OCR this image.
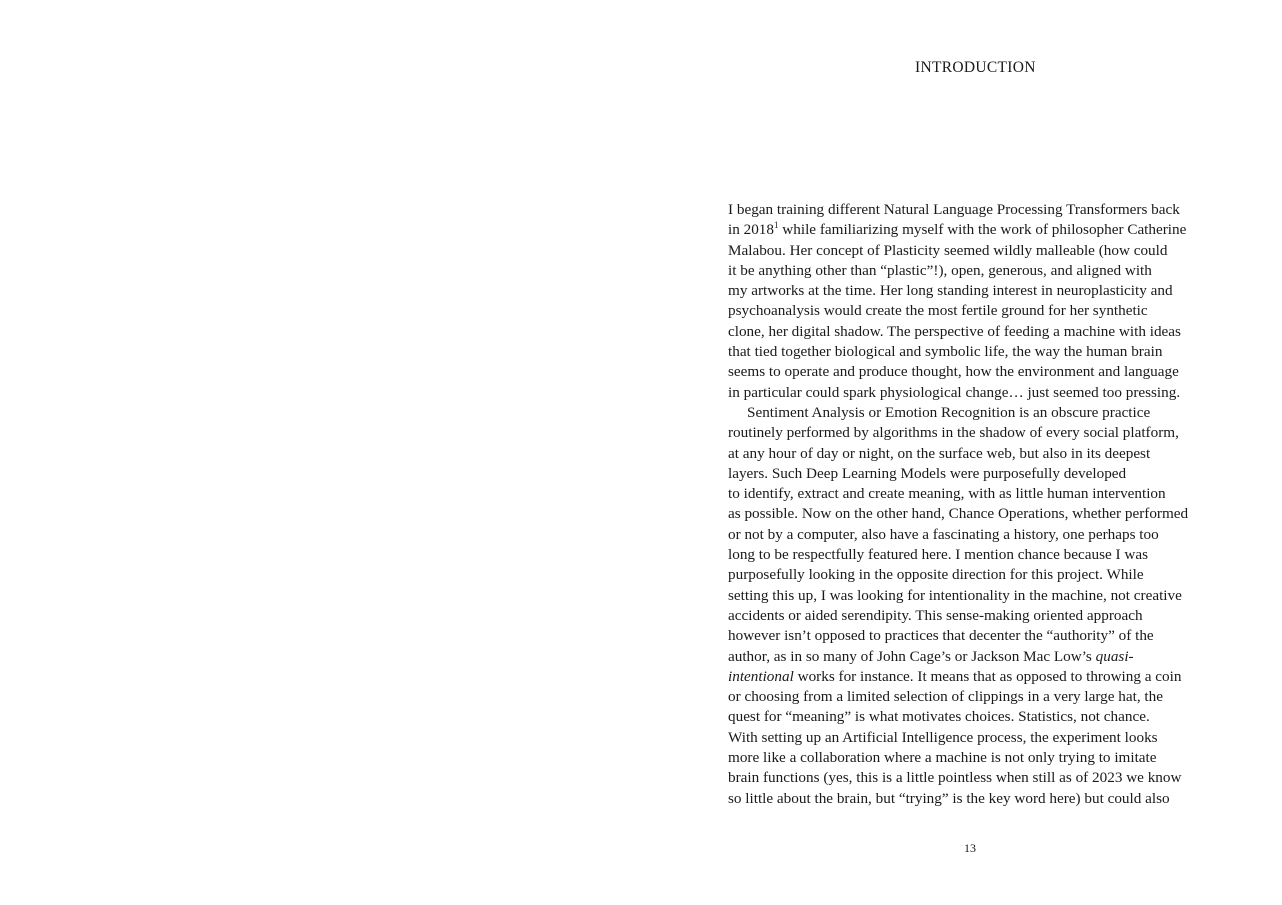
INTRODUCTION
I began training different Natural Language Processing Transformers back
in 2018$^1$ while familiarizing myself with the work of philosopher Catherine
Malabou. Her concept of Plasticity seemed wildly malleable (how could
it be anything other than “plastic”!), open, generous, and aligned with
my artworks at the time. Her long standing interest in neuroplasticity and
psychoanalysis would create the most fertile ground for her synthetic
clone, her digital shadow. The perspective of feeding a machine with ideas
that tied together biological and symbolic life, the way the human brain
seems to operate and produce thought, how the environment and language
in particular could spark physiological change… just seemed too pressing.
Sentiment Analysis or Emotion Recognition is an obscure practice
routinely performed by algorithms in the shadow of every social platform,
at any hour of day or night, on the surface web, but also in its deepest
layers. Such Deep Learning Models were purposefully developed
to identify, extract and create meaning, with as little human intervention
as possible. Now on the other hand, Chance Operations, whether performed
or not by a computer, also have a fascinating a history, one perhaps too
long to be respectfully featured here. I mention chance because I was
purposefully looking in the opposite direction for this project. While
setting this up, I was looking for intentionality in the machine, not creative
accidents or aided serendipity. This sense-making oriented approach
however isn’t opposed to practices that decenter the “authority” of the
author, as in so many of John Cage’s or Jackson Mac Low’s quasi-
intentional works for instance. It means that as opposed to throwing a coin
or choosing from a limited selection of clippings in a very large hat, the
quest for “meaning” is what motivates choices. Statistics, not chance.
With setting up an Artificial Intelligence process, the experiment looks
more like a collaboration where a machine is not only trying to imitate
brain functions (yes, this is a little pointless when still as of 2023 we know
so little about the brain, but “trying” is the key word here) but could also
13
